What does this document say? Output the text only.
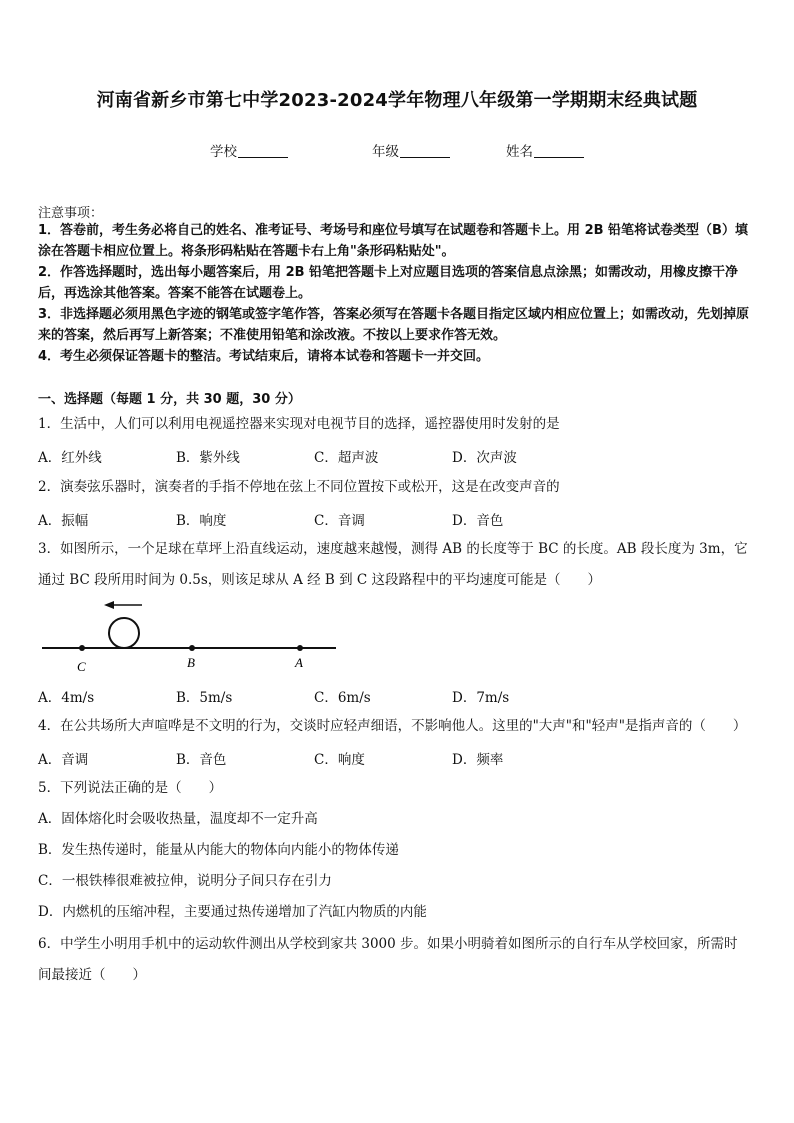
河南省新乡市第七中学2023-2024学年物理八年级第一学期期末经典试题
学校	年级	姓名
注意事项：
1．答卷前，考生务必将自己的姓名、准考证号、考场号和座位号填写在试题卷和答题卡上。用 2B 铅笔将试卷类型（B）填涂在答题卡相应位置上。将条形码粘贴在答题卡右上角"条形码粘贴处"。
2．作答选择题时，选出每小题答案后，用 2B 铅笔把答题卡上对应题目选项的答案信息点涂黑；如需改动，用橡皮擦干净后，再选涂其他答案。答案不能答在试题卷上。
3．非选择题必须用黑色字迹的钢笔或签字笔作答，答案必须写在答题卡各题目指定区域内相应位置上；如需改动，先划掉原来的答案，然后再写上新答案；不准使用铅笔和涂改液。不按以上要求作答无效。
4．考生必须保证答题卡的整洁。考试结束后，请将本试卷和答题卡一并交回。
一、选择题（每题 1 分，共 30 题，30 分）
1．生活中，人们可以利用电视遥控器来实现对电视节目的选择，遥控器使用时发射的是
A．红外线	B．紫外线	C．超声波	D．次声波
2．演奏弦乐器时，演奏者的手指不停地在弦上不同位置按下或松开，这是在改变声音的
A．振幅	B．响度	C．音调	D．音色
3．如图所示，一个足球在草坪上沿直线运动，速度越来越慢，测得 AB 的长度等于 BC 的长度。AB 段长度为 3m，它
通过 BC 段所用时间为 0.5s，则该足球从 A 经 B 到 C 这段路程中的平均速度可能是（　　）
C	B	A
A．4m/s	B．5m/s	C．6m/s	D．7m/s
4．在公共场所大声喧哗是不文明的行为，交谈时应轻声细语，不影响他人。这里的"大声"和"轻声"是指声音的（　　）
A．音调	B．音色	C．响度	D．频率
5．下列说法正确的是（　　）
A．固体熔化时会吸收热量，温度却不一定升高
B．发生热传递时，能量从内能大的物体向内能小的物体传递
C．一根铁棒很难被拉伸，说明分子间只存在引力
D．内燃机的压缩冲程，主要通过热传递增加了汽缸内物质的内能
6．中学生小明用手机中的运动软件测出从学校到家共 3000 步。如果小明骑着如图所示的自行车从学校回家，所需时
间最接近（　　）
